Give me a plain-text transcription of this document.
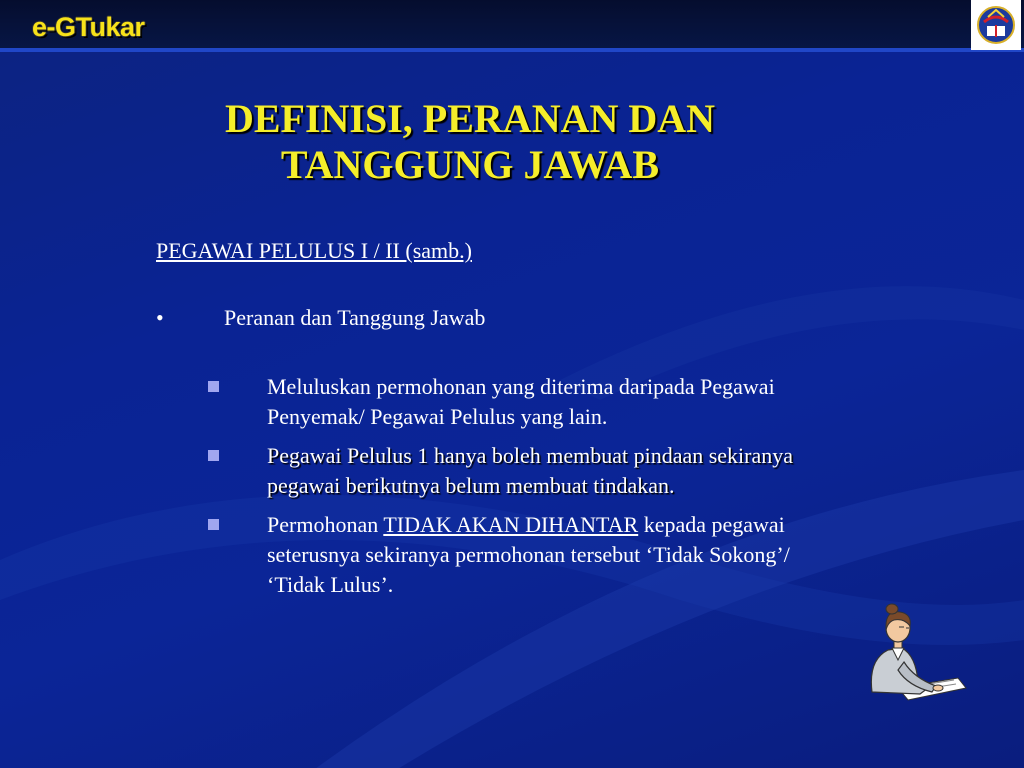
e-GTukar
DEFINISI, PERANAN DAN
TANGGUNG JAWAB
PEGAWAI PELULUS I / II (samb.)
•	Peranan dan Tanggung Jawab
Meluluskan permohonan yang diterima daripada Pegawai Penyemak/ Pegawai Pelulus yang lain.
Pegawai Pelulus 1 hanya boleh membuat pindaan sekiranya pegawai berikutnya belum membuat tindakan.
Permohonan TIDAK AKAN DIHANTAR kepada pegawai seterusnya sekiranya permohonan tersebut ‘Tidak Sokong’/ ‘Tidak Lulus’.
